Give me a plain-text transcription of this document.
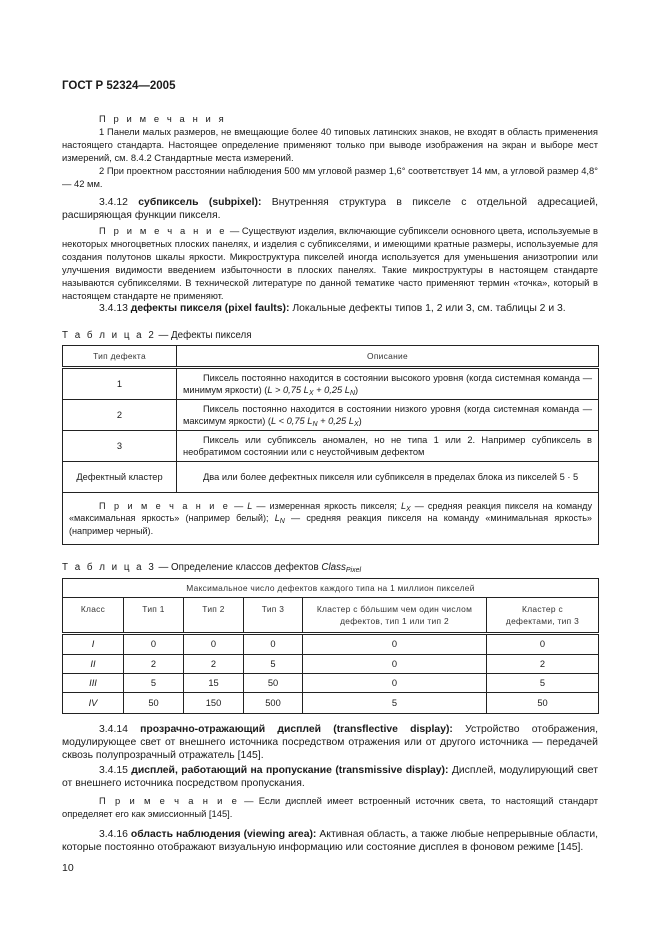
ГОСТ Р 52324—2005
П р и м е ч а н и я
1 Панели малых размеров, не вмещающие более 40 типовых латинских знаков, не входят в область применения настоящего стандарта. Настоящее определение применяют только при выводе изображения на экран и выборе мест измерений, см. 8.4.2 Стандартные места измерений.
2 При проектном расстоянии наблюдения 500 мм угловой размер 1,6° соответствует 14 мм, а угловой размер 4,8° — 42 мм.
3.4.12 субпиксель (subpixel): Внутренняя структура в пикселе с отдельной адресацией, расширяющая функции пикселя.
П р и м е ч а н и е — Существуют изделия, включающие субпиксели основного цвета, используемые в некоторых многоцветных плоских панелях, и изделия с субпикселями, и имеющими кратные размеры, используемые для создания полутонов шкалы яркости. Микроструктура пикселей иногда используется для уменьшения анизотропии или улучшения видимости введением избыточности в плоских панелях. Такие микроструктуры в настоящем стандарте называются субпикселями. В технической литературе по данной тематике часто применяют термин «точка», который в настоящем стандарте не применяют.
3.4.13 дефекты пикселя (pixel faults): Локальные дефекты типов 1, 2 или 3, см. таблицы 2 и 3.
Т а б л и ц а 2 — Дефекты пикселя
Тип дефекта	Описание
1	Пиксель постоянно находится в состоянии высокого уровня (когда системная команда — минимум яркости) (L > 0,75 $L_X + 0,25$ $L_N$)
2	Пиксель постоянно находится в состоянии низкого уровня (когда системная команда — максимум яркости) (L < 0,75 $L_N + 0,25$ $L_X$)
3	Пиксель или субпиксель аномален, но не типа 1 или 2. Например субпиксель в необратимом состоянии или с неустойчивым дефектом
Дефектный кластер	Два или более дефектных пикселя или субпикселя в пределах блока из пикселей 5 · 5
П р и м е ч а н и е — L — измеренная яркость пикселя; $L_X$ — средняя реакция пикселя на команду «максимальная яркость» (например белый); $L_N$ — средняя реакция пикселя на команду «минимальная яркость» (например черный).	
Т а б л и ц а 3 — Определение классов дефектов Class$_{Pixel}$
Максимальное число дефектов каждого типа на 1 миллион пикселей					
Класс	Тип 1	Тип 2	Тип 3	Кластер с бóльшим чем один числом дефектов, тип 1 или тип 2	Кластер с дефектами, тип 3
I	0	0	0	0	0
II	2	2	5	0	2
III	5	15	50	0	5
IV	50	150	500	5	50
3.4.14 прозрачно-отражающий дисплей (transflective display): Устройство отображения, модулирующее свет от внешнего источника посредством отражения или от другого источника — передачей сквозь полупрозрачный отражатель [145].
3.4.15 дисплей, работающий на пропускание (transmissive display): Дисплей, модулирующий свет от внешнего источника посредством пропускания.
П р и м е ч а н и е — Если дисплей имеет встроенный источник света, то настоящий стандарт определяет его как эмиссионный [145].
3.4.16 область наблюдения (viewing area): Активная область, а также любые непрерывные области, которые постоянно отображают визуальную информацию или состояние дисплея в фоновом режиме [145].
10
